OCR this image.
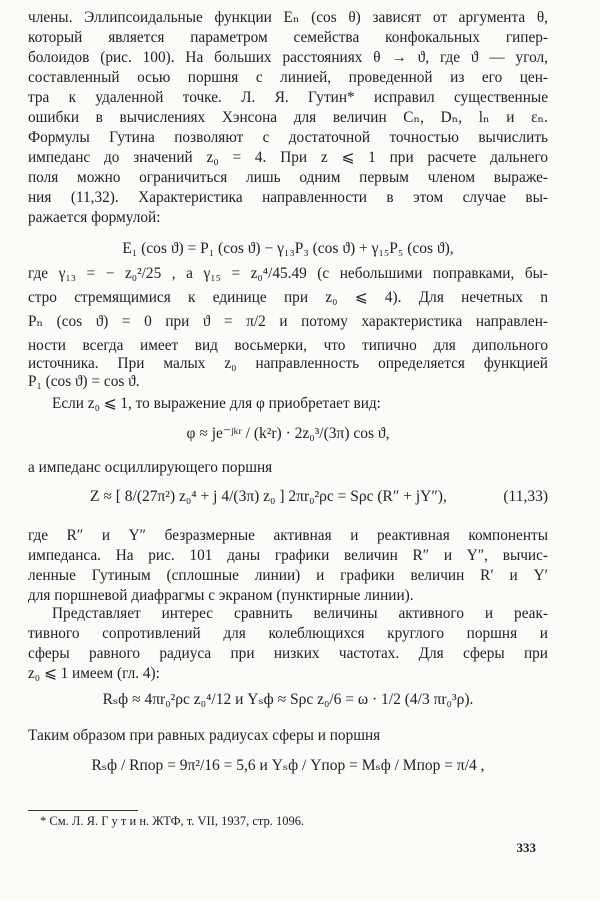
члены. Эллипсоидальные функции Eₙ (cos θ) зависят от аргумента θ,
который является параметром семейства конфокальных гипер-
болоидов (рис. 100). На больших расстояниях θ → ϑ, где ϑ — угол,
составленный осью поршня с линией, проведенной из его цен-
тра к удаленной точке. Л. Я. Гутин* исправил существенные
ошибки в вычислениях Хэнсона для величин Cₙ, Dₙ, lₙ и εₙ.
Формулы Гутина позволяют с достаточной точностью вычислить
импеданс до значений z₀ = 4. При z ⩽ 1 при расчете дальнего
поля можно ограничиться лишь одним первым членом выраже-
ния (11,32). Характеристика направленности в этом случае вы-
ражается формулой:
E₁ (cos ϑ) = P₁ (cos ϑ) − γ₁₃P₃ (cos ϑ) + γ₁₅P₅ (cos ϑ),
где γ₁₃ = − z₀²/25 , а γ₁₅ = z₀⁴/45.49 (с небольшими поправками, бы-
стро стремящимися к единице при z₀ ⩽ 4). Для нечетных n
Pₙ (cos ϑ) = 0 при ϑ = π/2 и потому характеристика направлен-
ности всегда имеет вид восьмерки, что типично для дипольного
источника. При малых z₀ направленность определяется функцией
P₁ (cos ϑ) = cos ϑ.
Если z₀ ⩽ 1, то выражение для φ приобретает вид:
φ ≈ je⁻ʲᵏʳ / (k²r) · 2z₀³/(3π) cos ϑ,
а импеданс осциллирующего поршня
Z ≈ [ 8/(27π²) z₀⁴ + j 4/(3π) z₀ ] 2πr₀²ρc = Sρc (R″ + jY″),	(11,33)
где R″ и Y″ безразмерные активная и реактивная компоненты
импеданса. На рис. 101 даны графики величин R″ и Y″, вычис-
ленные Гутиным (сплошные линии) и графики величин R′ и Y′
для поршневой диафрагмы с экраном (пунктирные линии).
Представляет интерес сравнить величины активного и реак-
тивного сопротивлений для колеблющихся круглого поршня и
сферы равного радиуса при низких частотах. Для сферы при
z₀ ⩽ 1 имеем (гл. 4):
Rₛф ≈ 4πr₀²ρc z₀⁴/12 и Yₛф ≈ Sρc z₀/6 = ω · 1/2 (4/3 πr₀³ρ).
Таким образом при равных радиусах сферы и поршня
Rₛф / Rпор = 9π²/16 = 5,6 и Yₛф / Yпор = Mₛф / Mпор = π/4 ,
* См. Л. Я. Г у т и н. ЖТФ, т. VII, 1937, стр. 1096.
333
